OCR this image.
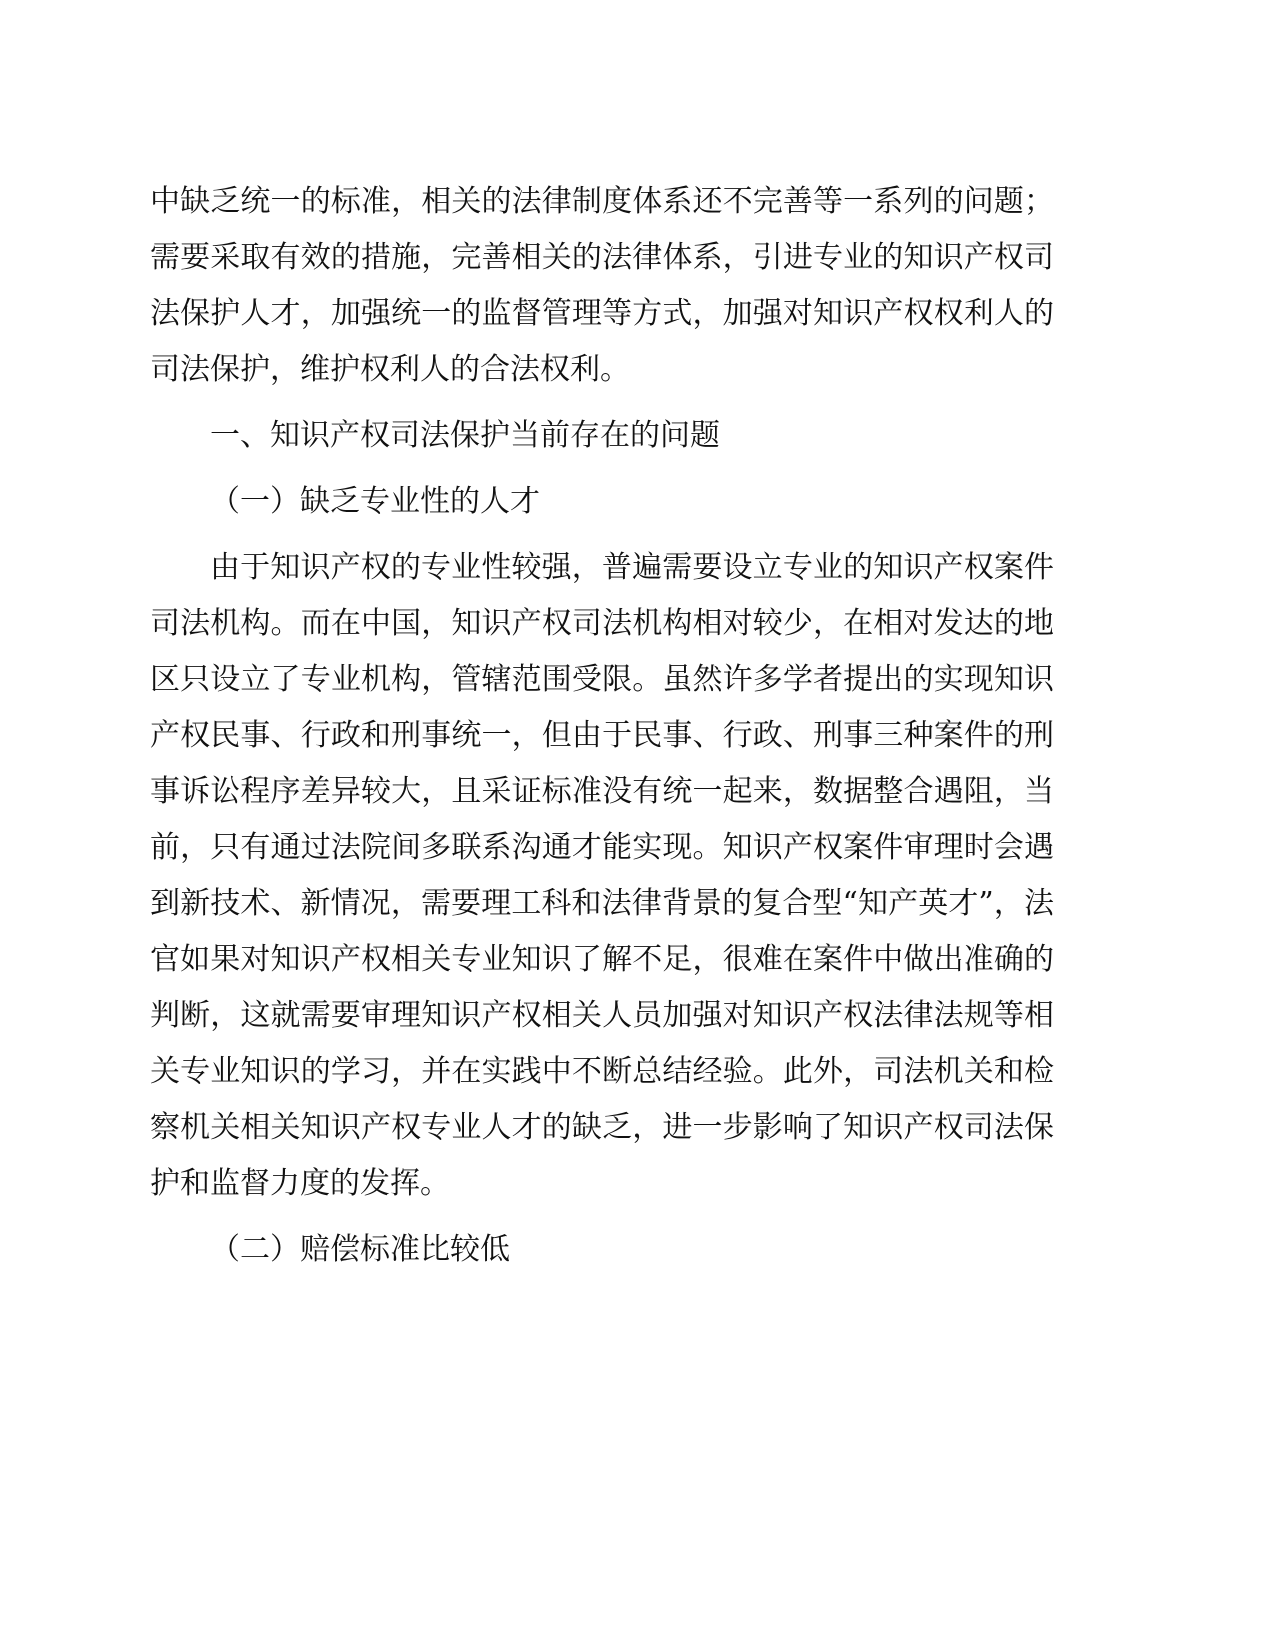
中缺乏统一的标准，相关的法律制度体系还不完善等一系列的问题；需要采取有效的措施，完善相关的法律体系，引进专业的知识产权司法保护人才，加强统一的监督管理等方式，加强对知识产权权利人的司法保护，维护权利人的合法权利。

一、知识产权司法保护当前存在的问题

（一）缺乏专业性的人才

由于知识产权的专业性较强，普遍需要设立专业的知识产权案件司法机构。而在中国，知识产权司法机构相对较少，在相对发达的地区只设立了专业机构，管辖范围受限。虽然许多学者提出的实现知识产权民事、行政和刑事统一，但由于民事、行政、刑事三种案件的刑事诉讼程序差异较大，且采证标准没有统一起来，数据整合遇阻，当前，只有通过法院间多联系沟通才能实现。知识产权案件审理时会遇到新技术、新情况，需要理工科和法律背景的复合型“知产英才”，法官如果对知识产权相关专业知识了解不足，很难在案件中做出准确的判断，这就需要审理知识产权相关人员加强对知识产权法律法规等相关专业知识的学习，并在实践中不断总结经验。此外，司法机关和检察机关相关知识产权专业人才的缺乏，进一步影响了知识产权司法保护和监督力度的发挥。

（二）赔偿标准比较低
